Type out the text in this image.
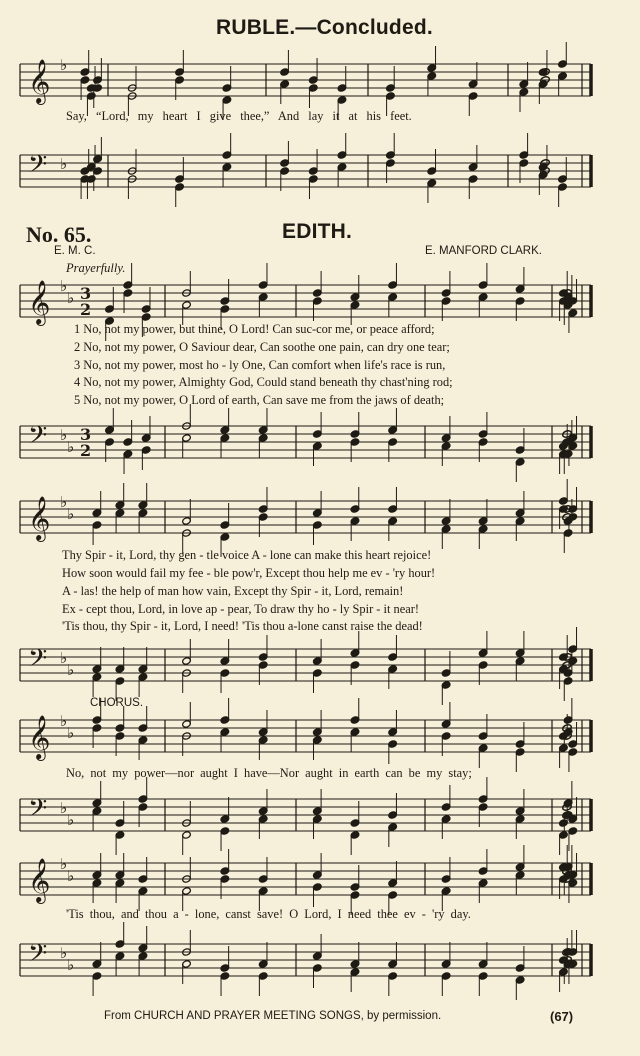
RUBLE.—Concluded.
𝄞 ♭
Say, “Lord, my heart I give thee,” And lay it at his feet.
𝄢 ♭
No. 65.	EDITH.
E. M. C.	E. MANFORD CLARK.
Prayerfully.
𝄞 ♭
♭ 3
2
1 No, not my power, but thine, O Lord! Can suc-cor me, or peace afford;
2 No, not my power, O Saviour dear, Can soothe one pain, can dry one tear;
3 No, not my power, most ho - ly One, Can comfort when life's race is run,
4 No, not my power, Almighty God, Could stand beneath thy chast'ning rod;
5 No, not my power, O Lord of earth, Can save me from the jaws of death;
𝄢 ♭
♭
3
2
𝄞 ♭
♭
Thy Spir - it, Lord, thy gen - tle voice A - lone can make this heart rejoice!
How soon would fail my fee - ble pow'r, Except thou help me ev - 'ry hour!
A - las! the help of man how vain, Except thy Spir - it, Lord, remain!
Ex - cept thou, Lord, in love ap - pear, To draw thy ho - ly Spir - it near!
'Tis thou, thy Spir - it, Lord, I need! 'Tis thou a-lone canst raise the dead!
𝄢 ♭
♭
CHORUS.
𝄞 ♭
♭
No, not my power—nor aught I have—Nor aught in earth can be my stay;
𝄢 ♭
♭
𝄞 ♭
♭
'Tis thou, and thou a - lone, canst save! O Lord, I need thee ev - 'ry day.
𝄢 ♭
♭
From CHURCH AND PRAYER MEETING SONGS, by permission.	(67)
